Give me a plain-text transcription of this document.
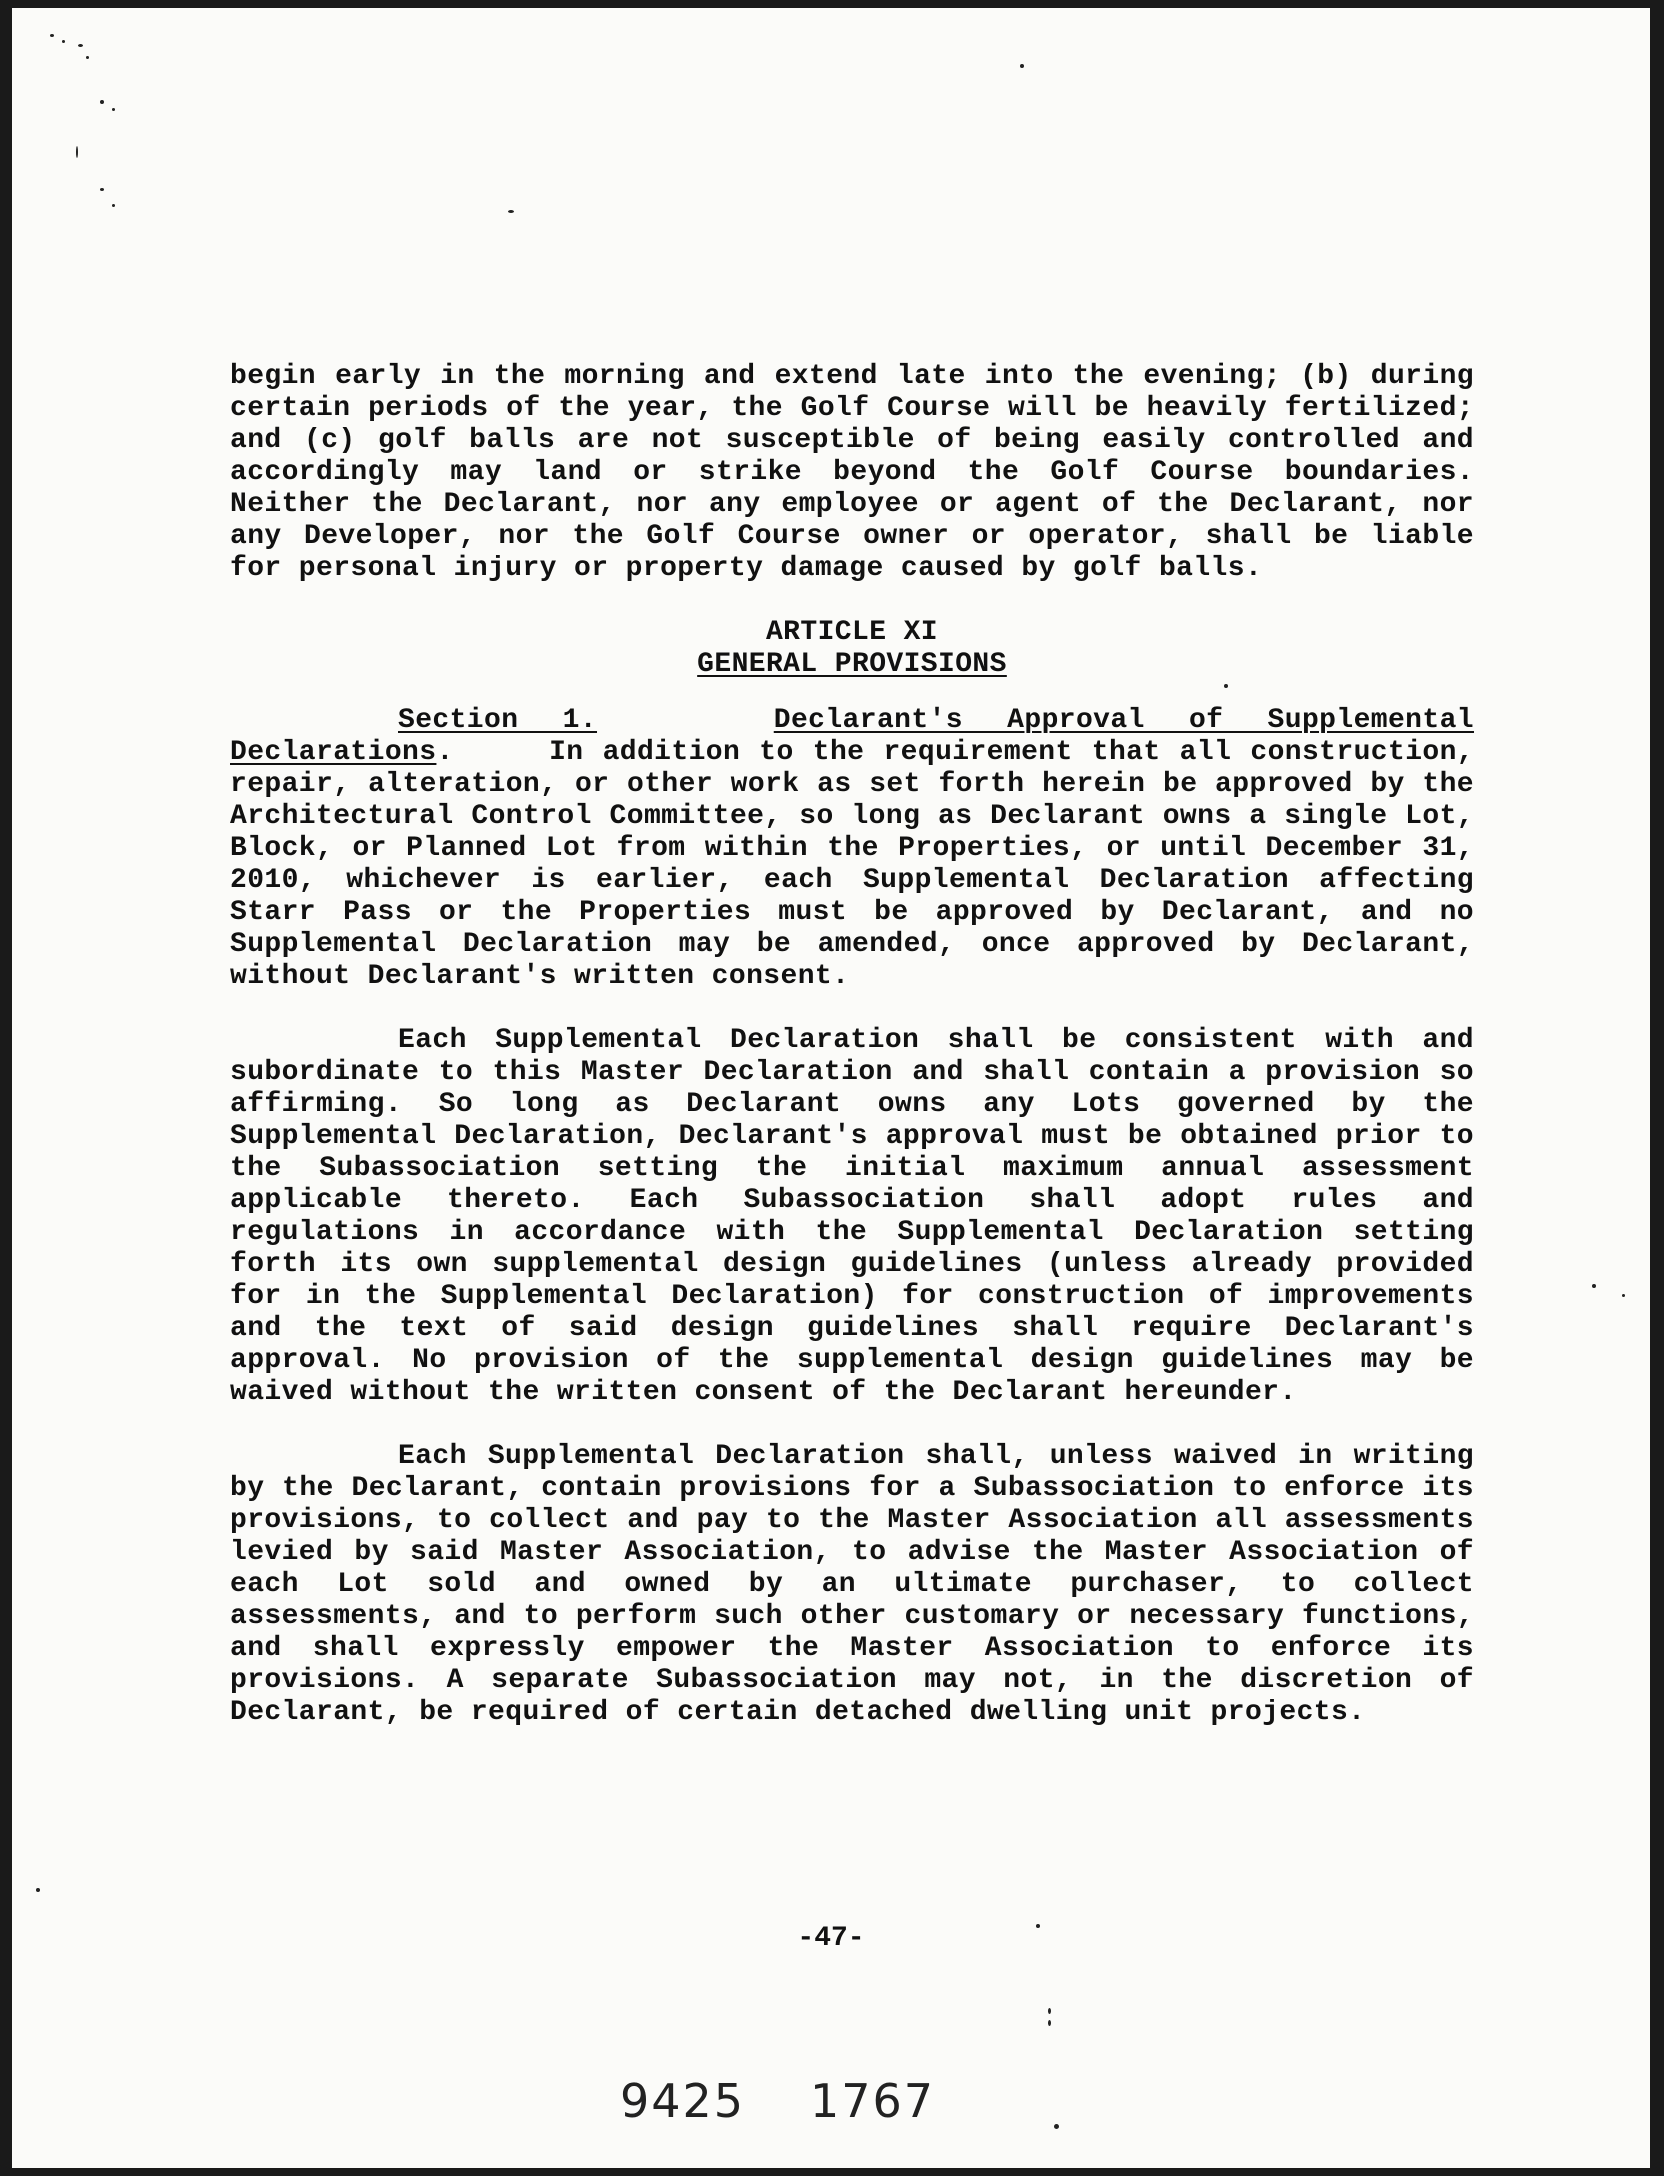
begin early in the morning and extend late into the evening; (b) during certain periods of the year, the Golf Course will be heavily fertilized; and (c) golf balls are not susceptible of being easily controlled and accordingly may land or strike beyond the Golf Course boundaries. Neither the Declarant, nor any employee or agent of the Declarant, nor any Developer, nor the Golf Course owner or operator, shall be liable for personal injury or property damage caused by golf balls.

ARTICLE XI
GENERAL PROVISIONS

Section 1.	Declarant's Approval of Supplemental Declarations.     In addition to the requirement that all construction, repair, alteration, or other work as set forth herein be approved by the Architectural Control Committee, so long as Declarant owns a single Lot, Block, or Planned Lot from within the Properties, or until December 31, 2010, whichever is earlier, each Supplemental Declaration affecting Starr Pass or the Properties must be approved by Declarant, and no Supplemental Declaration may be amended, once approved by Declarant, without Declarant's written consent.

Each Supplemental Declaration shall be consistent with and subordinate to this Master Declaration and shall contain a provision so affirming. So long as Declarant owns any Lots governed by the Supplemental Declaration, Declarant's approval must be obtained prior to the Subassociation setting the initial maximum annual assessment applicable thereto. Each Subassociation shall adopt rules and regulations in accordance with the Supplemental Declaration setting forth its own supplemental design guidelines (unless already provided for in the Supplemental Declaration) for construction of improvements and the text of said design guidelines shall require Declarant's approval. No provision of the supplemental design guidelines may be waived without the written consent of the Declarant hereunder.

Each Supplemental Declaration shall, unless waived in writing by the Declarant, contain provisions for a Subassociation to enforce its provisions, to collect and pay to the Master Association all assessments levied by said Master Association, to advise the Master Association of each Lot sold and owned by an ultimate purchaser, to collect assessments, and to perform such other customary or necessary functions, and shall expressly empower the Master Association to enforce its provisions. A separate Subassociation may not, in the discretion of Declarant, be required of certain detached dwelling unit projects.

-47-
9425 1767
